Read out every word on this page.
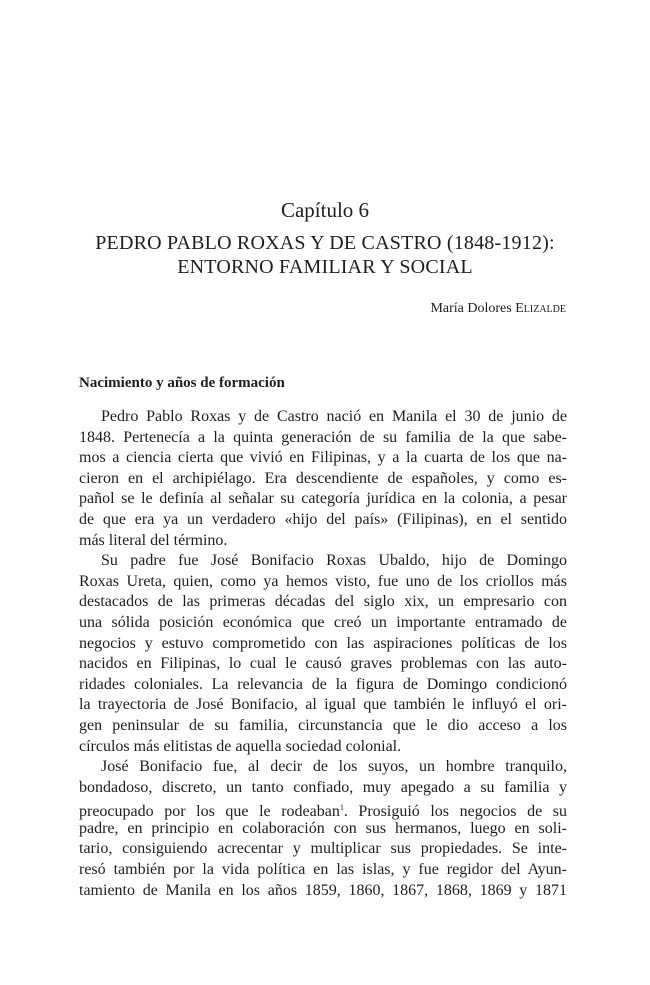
Capítulo 6
PEDRO PABLO ROXAS Y DE CASTRO (1848-1912):
ENTORNO FAMILIAR Y SOCIAL
María Dolores Elizalde
Nacimiento y años de formación
Pedro Pablo Roxas y de Castro nació en Manila el 30 de junio de
1848. Pertenecía a la quinta generación de su familia de la que sabe-
mos a ciencia cierta que vivió en Filipinas, y a la cuarta de los que na-
cieron en el archipiélago. Era descendiente de españoles, y como es-
pañol se le definía al señalar su categoría jurídica en la colonia, a pesar
de que era ya un verdadero «hijo del país» (Filipinas), en el sentido
más literal del término.
Su padre fue José Bonifacio Roxas Ubaldo, hijo de Domingo
Roxas Ureta, quien, como ya hemos visto, fue uno de los criollos más
destacados de las primeras décadas del siglo xix, un empresario con
una sólida posición económica que creó un importante entramado de
negocios y estuvo comprometido con las aspiraciones políticas de los
nacidos en Filipinas, lo cual le causó graves problemas con las auto-
ridades coloniales. La relevancia de la figura de Domingo condicionó
la trayectoria de José Bonifacio, al igual que también le influyó el ori-
gen peninsular de su familia, circunstancia que le dio acceso a los
círculos más elitistas de aquella sociedad colonial.
José Bonifacio fue, al decir de los suyos, un hombre tranquilo,
bondadoso, discreto, un tanto confiado, muy apegado a su familia y
preocupado por los que le rodeaban$^1$. Prosiguió los negocios de su
padre, en principio en colaboración con sus hermanos, luego en soli-
tario, consiguiendo acrecentar y multiplicar sus propiedades. Se inte-
resó también por la vida política en las islas, y fue regidor del Ayun-
tamiento de Manila en los años 1859, 1860, 1867, 1868, 1869 y 1871
